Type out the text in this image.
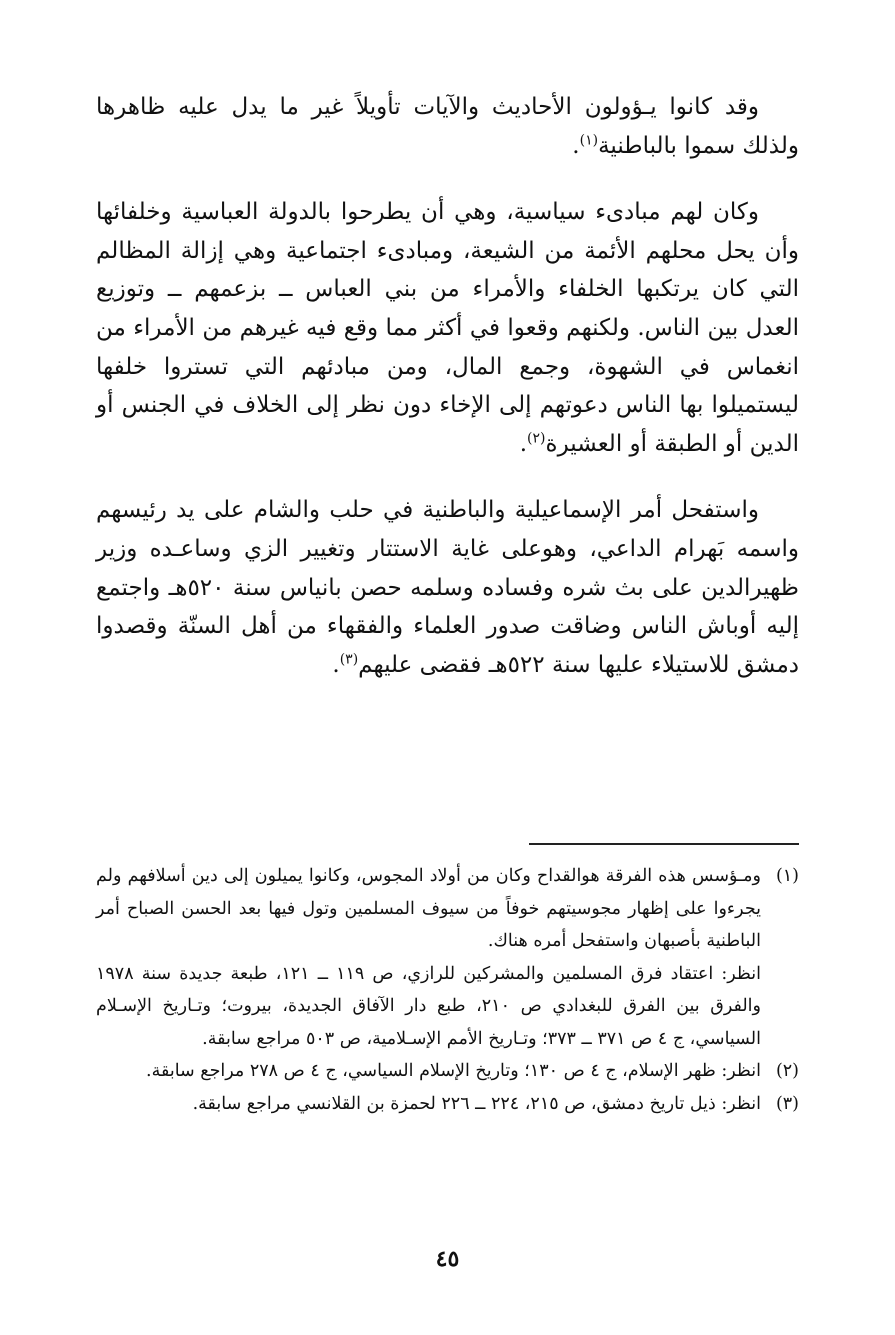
وقد كانوا يـؤولون الأحاديث والآيات تأويلاً غير ما يدل عليه ظاهرها ولذلك سموا بالباطنية$^{(١)}$.

وكان لهم مبادىء سياسية، وهي أن يطرحوا بالدولة العباسية وخلفائها وأن يحل محلهم الأئمة من الشيعة، ومبادىء اجتماعية وهي إزالة المظالم التي كان يرتكبها الخلفاء والأمراء من بني العباس ــ بزعمهم ــ وتوزيع العدل بين الناس. ولكنهم وقعوا في أكثر مما وقع فيه غيرهم من الأمراء من انغماس في الشهوة، وجمع المال، ومن مبادئهم التي تستروا خلفها ليستميلوا بها الناس دعوتهم إلى الإخاء دون نظر إلى الخلاف في الجنس أو الدين أو الطبقة أو العشيرة$^{(٢)}$.

واستفحل أمر الإسماعيلية والباطنية في حلب والشام على يد رئيسهم واسمه بَهرام الداعي، وهوعلى غاية الاستتار وتغيير الزي وساعـده وزير ظهيرالدين على بث شره وفساده وسلمه حصن بانياس سنة ٥٢٠هـ واجتمع إليه أوباش الناس وضاقت صدور العلماء والفقهاء من أهل السنّة وقصدوا دمشق للاستيلاء عليها سنة ٥٢٢هـ فقضى عليهم$^{(٣)}$.

(١)

ومـؤسس هذه الفرقة هوالقداح وكان من أولاد المجوس، وكانوا يميلون إلى دين أسلافهم ولم يجرءوا على إظهار مجوسيتهم خوفاً من سيوف المسلمين وتول فيها بعد الحسن الصباح أمر الباطنية بأصبهان واستفحل أمره هناك.

انظر: اعتقاد فرق المسلمين والمشركين للرازي، ص ١١٩ ــ ١٢١، طبعة جديدة سنة ١٩٧٨ والفرق بين الفرق للبغدادي ص ٢١٠، طبع دار الآفاق الجديدة، بيروت؛ وتـاريخ الإسـلام السياسي، ج ٤ ص ٣٧١ ــ ٣٧٣؛ وتـاريخ الأمم الإسـلامية، ص ٥٠٣ مراجع سابقة.

(٢)

انظر: ظهر الإسلام، ج ٤ ص ١٣٠؛ وتاريخ الإسلام السياسي، ج ٤ ص ٢٧٨ مراجع سابقة.

(٣)

انظر: ذيل تاريخ دمشق، ص ٢١٥، ٢٢٤ ــ ٢٢٦ لحمزة بن القلانسي مراجع سابقة.

٤٥
